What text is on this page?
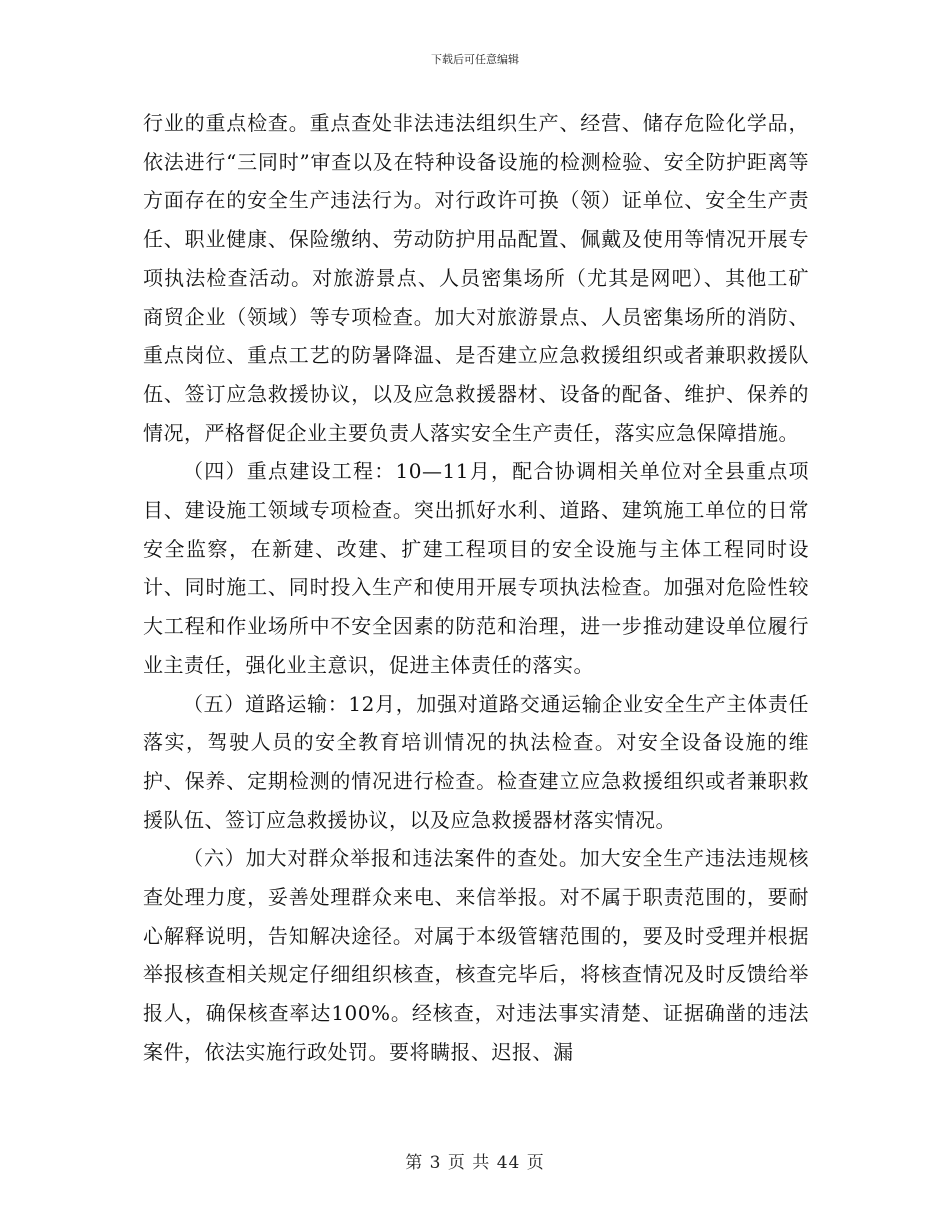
下载后可任意编辑

行业的重点检查。重点查处非法违法组织生产、经营、储存危险化学品，依法进行“三同时”审查以及在特种设备设施的检测检验、安全防护距离等方面存在的安全生产违法行为。对行政许可换（领）证单位、安全生产责任、职业健康、保险缴纳、劳动防护用品配置、佩戴及使用等情况开展专项执法检查活动。对旅游景点、人员密集场所（尤其是网吧）、其他工矿商贸企业（领域）等专项检查。加大对旅游景点、人员密集场所的消防、重点岗位、重点工艺的防暑降温、是否建立应急救援组织或者兼职救援队伍、签订应急救援协议，以及应急救援器材、设备的配备、维护、保养的情况，严格督促企业主要负责人落实安全生产责任，落实应急保障措施。

（四）重点建设工程：10—11月，配合协调相关单位对全县重点项目、建设施工领域专项检查。突出抓好水利、道路、建筑施工单位的日常安全监察，在新建、改建、扩建工程项目的安全设施与主体工程同时设计、同时施工、同时投入生产和使用开展专项执法检查。加强对危险性较大工程和作业场所中不安全因素的防范和治理，进一步推动建设单位履行业主责任，强化业主意识，促进主体责任的落实。

（五）道路运输：12月，加强对道路交通运输企业安全生产主体责任落实，驾驶人员的安全教育培训情况的执法检查。对安全设备设施的维护、保养、定期检测的情况进行检查。检查建立应急救援组织或者兼职救援队伍、签订应急救援协议，以及应急救援器材落实情况。

（六）加大对群众举报和违法案件的查处。加大安全生产违法违规核查处理力度，妥善处理群众来电、来信举报。对不属于职责范围的，要耐心解释说明，告知解决途径。对属于本级管辖范围的，要及时受理并根据举报核查相关规定仔细组织核查，核查完毕后，将核查情况及时反馈给举报人，确保核查率达100%。经核查，对违法事实清楚、证据确凿的违法案件，依法实施行政处罚。要将瞒报、迟报、漏

第 3 页 共 44 页
